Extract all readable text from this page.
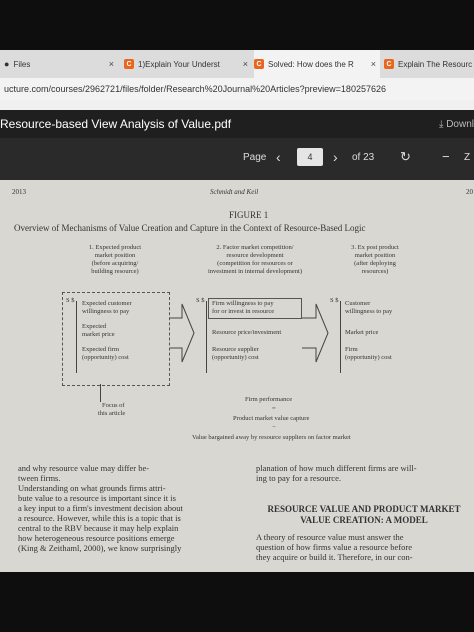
● Files	×	C 1)Explain Your Underst	×	C Solved: How does the R ×	C Explain The Resourc
ucture.com/courses/2962721/files/folder/Research%20Journal%20Articles?preview=180257626
Resource-based View Analysis of Value.pdf	⤓ Downl
Page ‹	4	› of 23 ↻ − Z
2013	Schmidt and Keil	20
FIGURE 1
Overview of Mechanisms of Value Creation and Capture in the Context of Resource-Based Logic
1. Expected product
market position
(before acquiring/
building resource)
2. Factor market competition/
resource development
(competition for resources or
investment in internal development)
3. Ex post product
market position
(after deploying
resources)
S $ Expected customer
willingness to pay
Expected
market price
Expected firm
(opportunity) cost
S $ Firm willingness to pay
for or invest in resource
Resource price/investment
Resource supplier
(opportunity) cost
S $ Customer
willingness to pay
Market price
Firm
(opportunity) cost
Focus of
this article
Firm performance
=
Product market value capture
−
Value bargained away by resource suppliers on factor market
and why resource value may differ be-
tween firms.
Understanding on what grounds firms attri-
bute value to a resource is important since it is
a key input to a firm's investment decision about
a resource. However, while this is a topic that is
central to the RBV because it may help explain
how heterogeneous resource positions emerge
(King & Zeithaml, 2000), we know surprisingly
planation of how much different firms are will-
ing to pay for a resource.
RESOURCE VALUE AND PRODUCT MARKET
VALUE CREATION: A MODEL
A theory of resource value must answer the
question of how firms value a resource before
they acquire or build it. Therefore, in our con-
